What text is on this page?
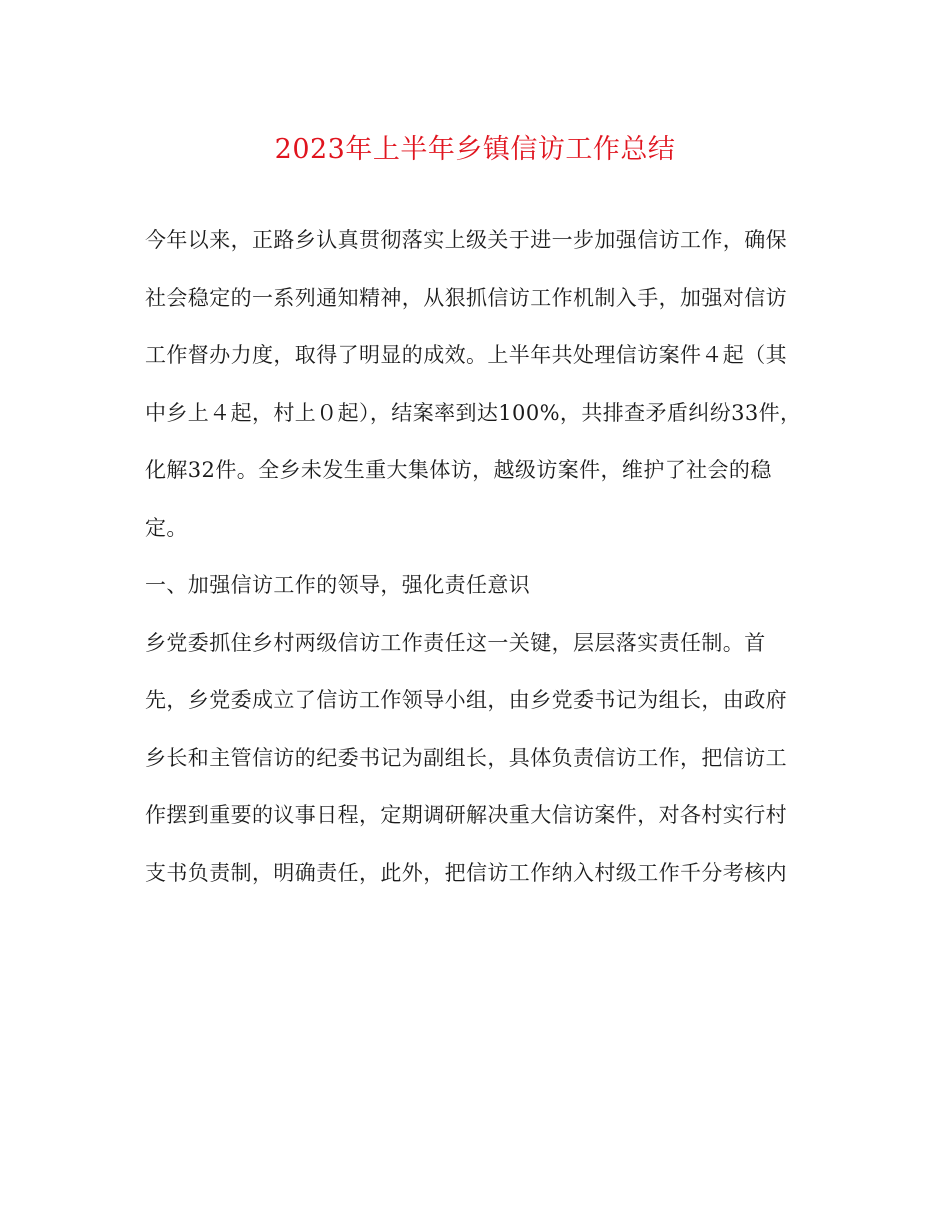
2023年上半年乡镇信访工作总结
今年以来，正路乡认真贯彻落实上级关于进一步加强信访工作，确保
社会稳定的一系列通知精神，从狠抓信访工作机制入手，加强对信访
工作督办力度，取得了明显的成效。上半年共处理信访案件４起（其
中乡上４起，村上０起），结案率到达100%，共排查矛盾纠纷33件，
化解32件。全乡未发生重大集体访，越级访案件，维护了社会的稳
定。
一、加强信访工作的领导，强化责任意识
乡党委抓住乡村两级信访工作责任这一关键，层层落实责任制。首
先，乡党委成立了信访工作领导小组，由乡党委书记为组长，由政府
乡长和主管信访的纪委书记为副组长，具体负责信访工作，把信访工
作摆到重要的议事日程，定期调研解决重大信访案件，对各村实行村
支书负责制，明确责任，此外，把信访工作纳入村级工作千分考核内
